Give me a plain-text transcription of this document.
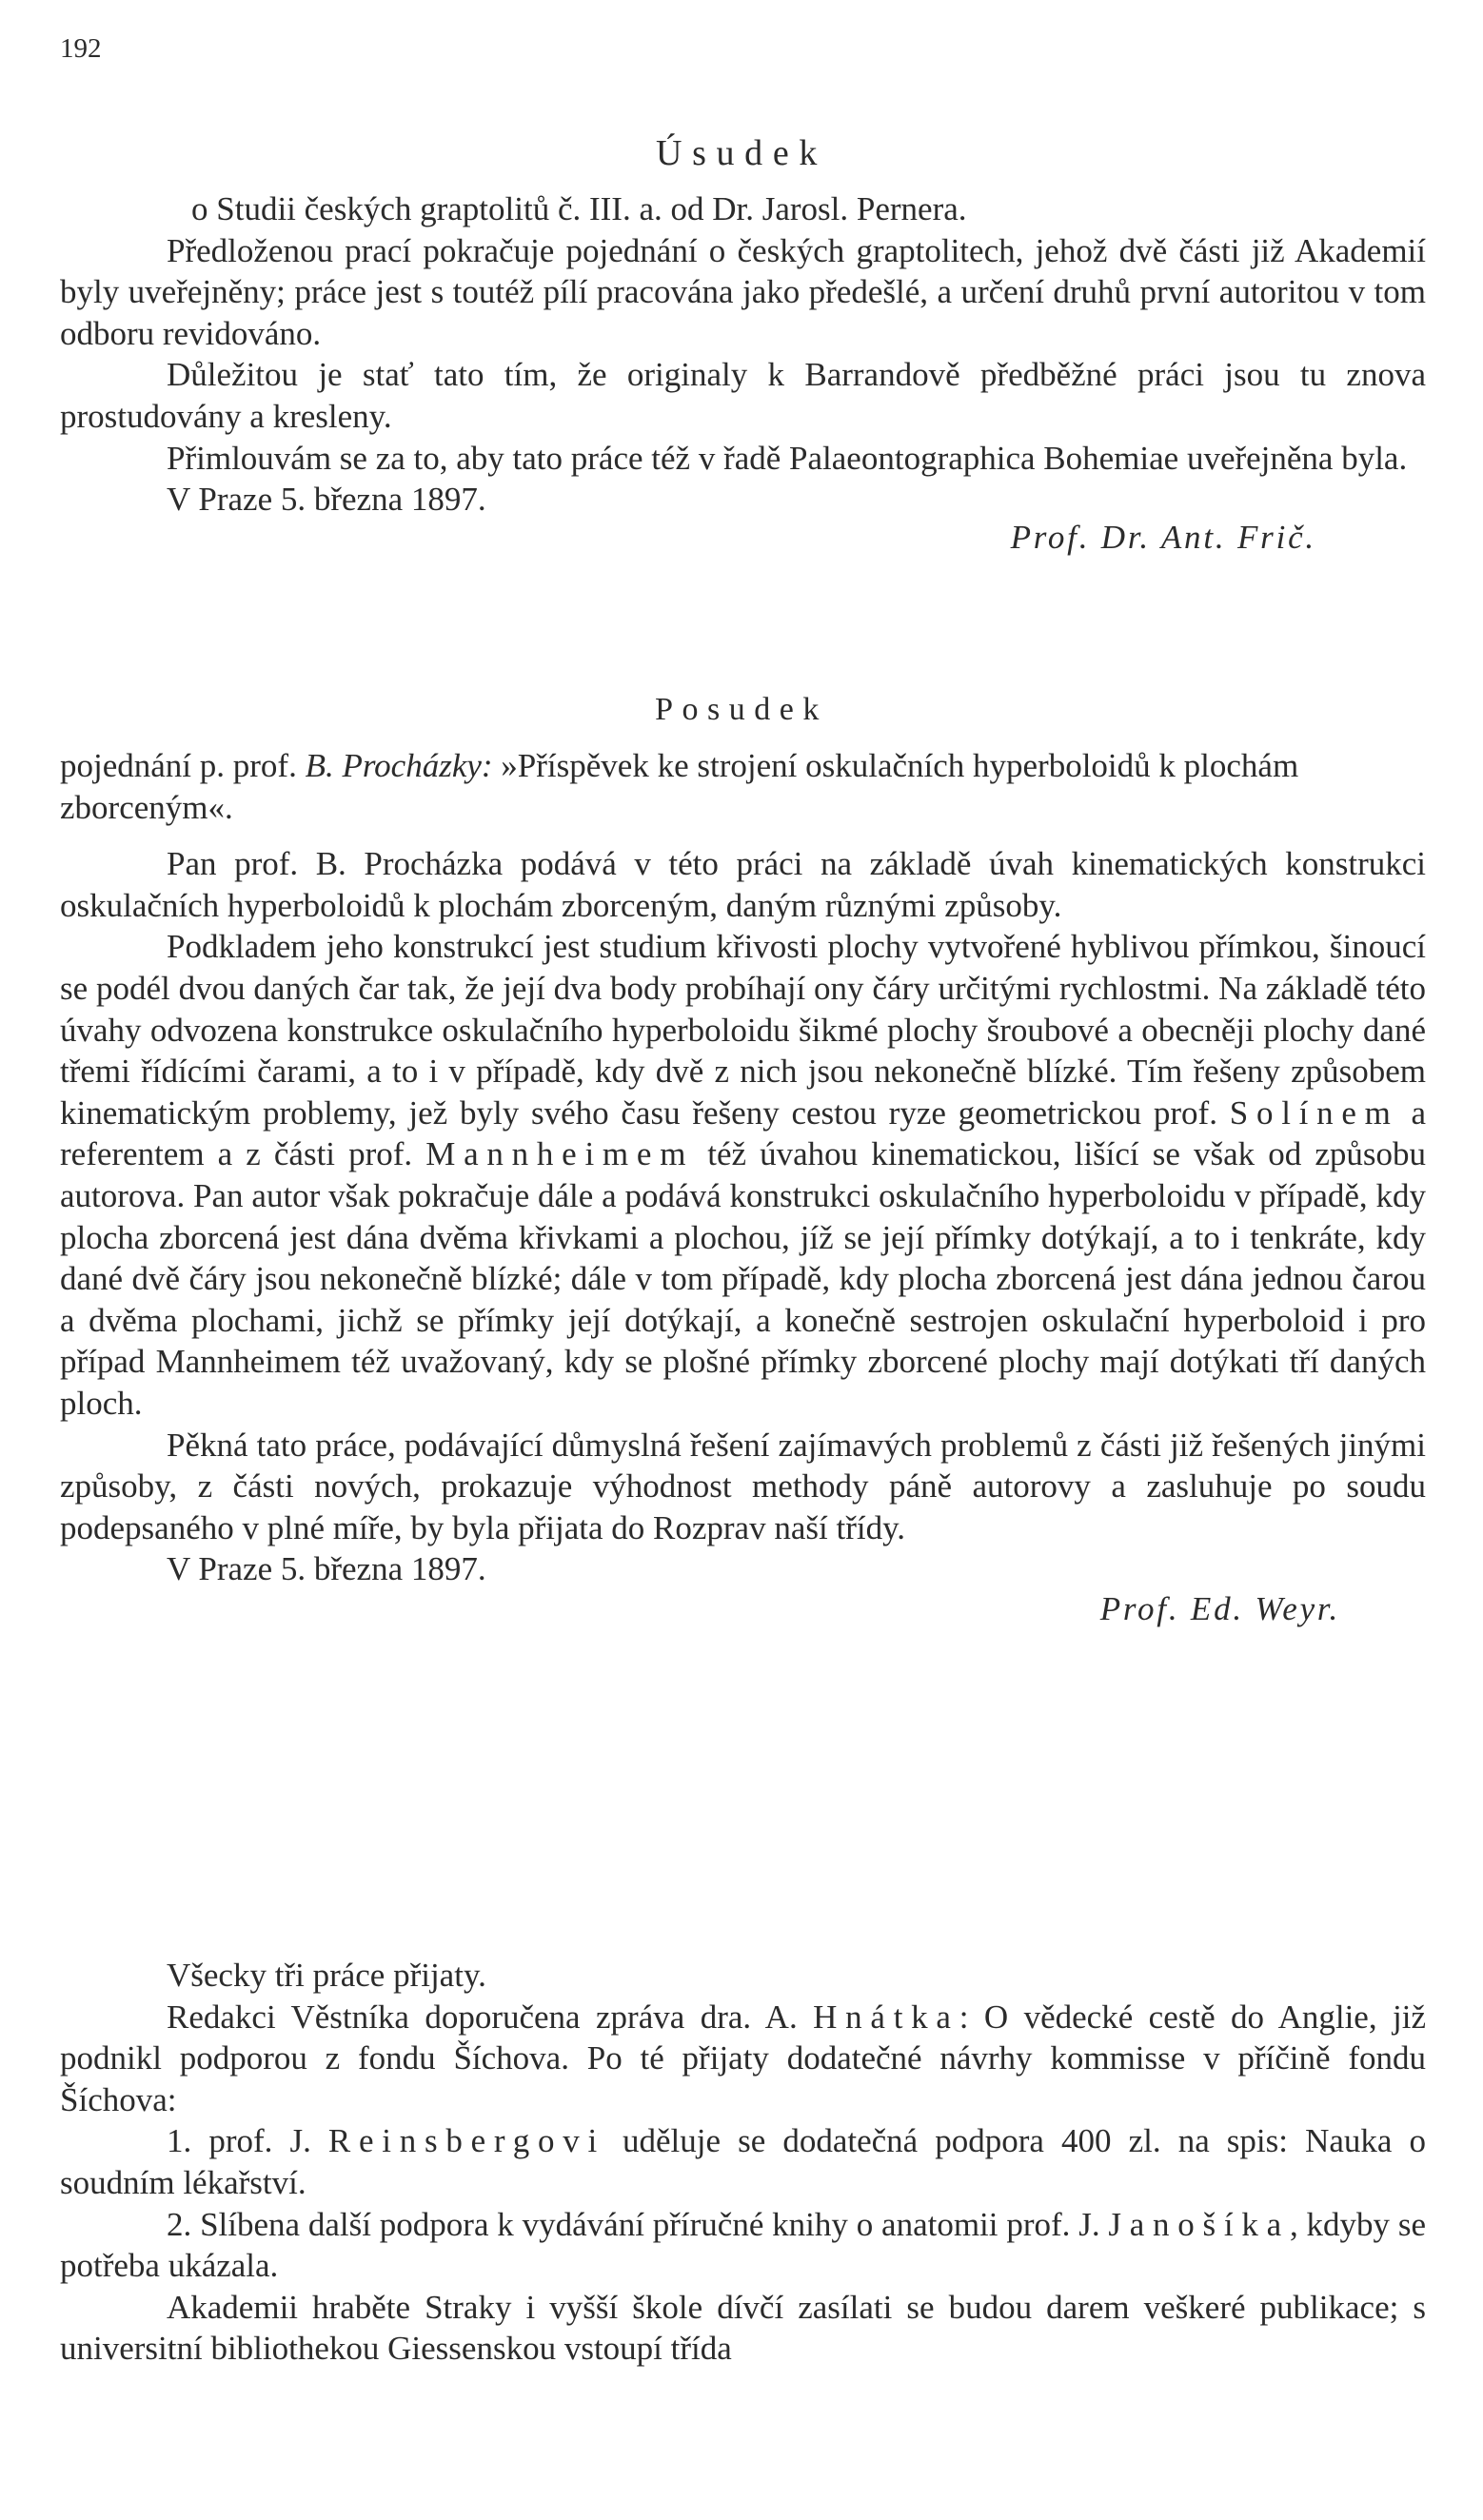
192
Úsudek

o Studii českých graptolitů č. III. a. od Dr. Jarosl. Pernera.

Předloženou prací pokračuje pojednání o českých graptolitech, jehož dvě části již Akademií byly uveřejněny; práce jest s toutéž pílí pracována jako předešlé, a určení druhů první autoritou v tom odboru revidováno.

Důležitou je stať tato tím, že originaly k Barrandově předběžné práci jsou tu znova prostudovány a kresleny.

Přimlouvám se za to, aby tato práce též v řadě Palaeontographica Bohemiae uveřejněna byla.

V Praze 5. března 1897.
Prof. Dr. Ant. Frič.
Posudek

pojednání p. prof. B. Procházky: »Příspěvek ke strojení oskulačních hyperboloidů k plochám zborceným«.

Pan prof. B. Procházka podává v této práci na základě úvah kinematických konstrukci oskulačních hyperboloidů k plochám zborceným, daným různými způsoby.

Podkladem jeho konstrukcí jest studium křivosti plochy vytvořené hyblivou přímkou, šinoucí se podél dvou daných čar tak, že její dva body probíhají ony čáry určitými rychlostmi. Na základě této úvahy odvozena konstrukce oskulačního hyperboloidu šikmé plochy šroubové a obecněji plochy dané třemi řídícími čarami, a to i v případě, kdy dvě z nich jsou nekonečně blízké. Tím řešeny způsobem kinematickým problemy, jež byly svého času řešeny cestou ryze geometrickou prof. Solínem a referentem a z části prof. Mannheimem též úvahou kinematickou, lišící se však od způsobu autorova. Pan autor však pokračuje dále a podává konstrukci oskulačního hyperboloidu v případě, kdy plocha zborcená jest dána dvěma křivkami a plochou, jíž se její přímky dotýkají, a to i tenkráte, kdy dané dvě čáry jsou nekonečně blízké; dále v tom případě, kdy plocha zborcená jest dána jednou čarou a dvěma plochami, jichž se přímky její dotýkají, a konečně sestrojen oskulační hyperboloid i pro případ Mannheimem též uvažovaný, kdy se plošné přímky zborcené plochy mají dotýkati tří daných ploch.

Pěkná tato práce, podávající důmyslná řešení zajímavých problemů z části již řešených jinými způsoby, z části nových, prokazuje výhodnost methody páně autorovy a zasluhuje po soudu podepsaného v plné míře, by byla přijata do Rozprav naší třídy.

V Praze 5. března 1897.
Prof. Ed. Weyr.

Všecky tři práce přijaty.

Redakci Věstníka doporučena zpráva dra. A. Hnátka: O vědecké cestě do Anglie, již podnikl podporou z fondu Šíchova. Po té přijaty dodatečné návrhy kommisse v příčině fondu Šíchova:

1. prof. J. Reinsbergovi uděluje se dodatečná podpora 400 zl. na spis: Nauka o soudním lékařství.

2. Slíbena další podpora k vydávání příručné knihy o anatomii prof. J. Janošíka, kdyby se potřeba ukázala.

Akademii hraběte Straky i vyšší škole dívčí zasílati se budou darem veškeré publikace; s universitní bibliothekou Giessenskou vstoupí třída
